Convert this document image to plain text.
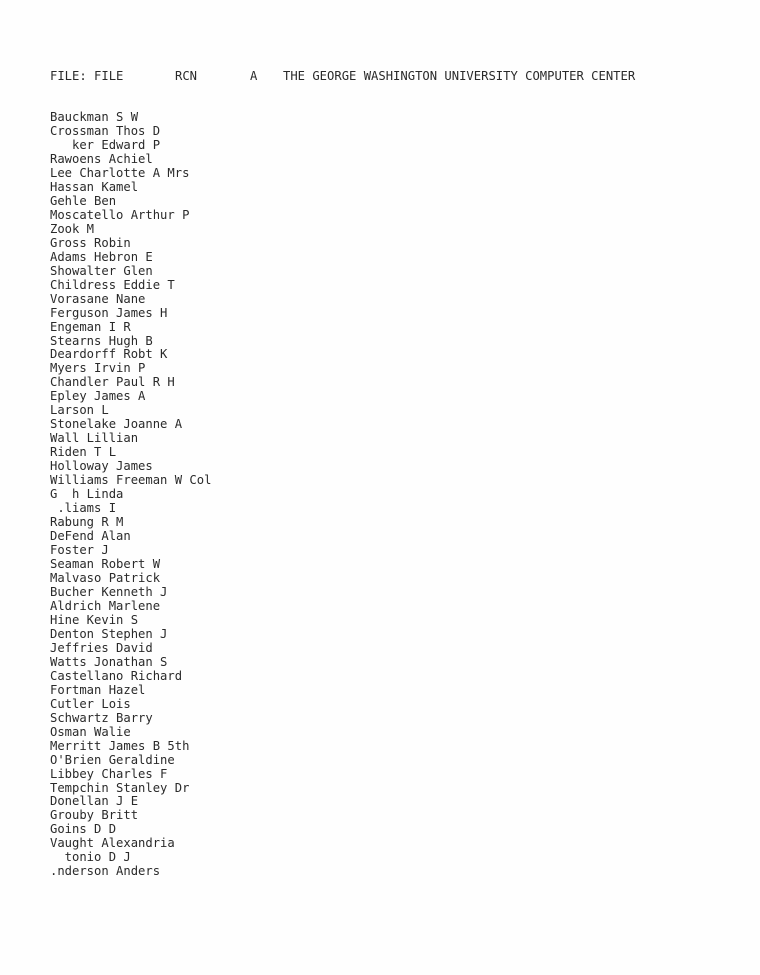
FILE: FILE	RCN	A THE GEORGE WASHINGTON UNIVERSITY COMPUTER CENTER
Bauckman S W
Crossman Thos D
ker Edward P
Rawoens Achiel
Lee Charlotte A Mrs
Hassan Kamel
Gehle Ben
Moscatello Arthur P
Zook M
Gross Robin
Adams Hebron E
Showalter Glen
Childress Eddie T
Vorasane Nane
Ferguson James H
Engeman I R
Stearns Hugh B
Deardorff Robt K
Myers Irvin P
Chandler Paul R H
Epley James A
Larson L
Stonelake Joanne A
Wall Lillian
Riden T L
Holloway James
Williams Freeman W Col
G  h Linda
.liams I
Rabung R M
DeFend Alan
Foster J
Seaman Robert W
Malvaso Patrick
Bucher Kenneth J
Aldrich Marlene
Hine Kevin S
Denton Stephen J
Jeffries David
Watts Jonathan S
Castellano Richard
Fortman Hazel
Cutler Lois
Schwartz Barry
Osman Walie
Merritt James B 5th
O'Brien Geraldine
Libbey Charles F
Tempchin Stanley Dr
Donellan J E
Grouby Britt
Goins D D
Vaught Alexandria
tonio D J
.nderson Anders
